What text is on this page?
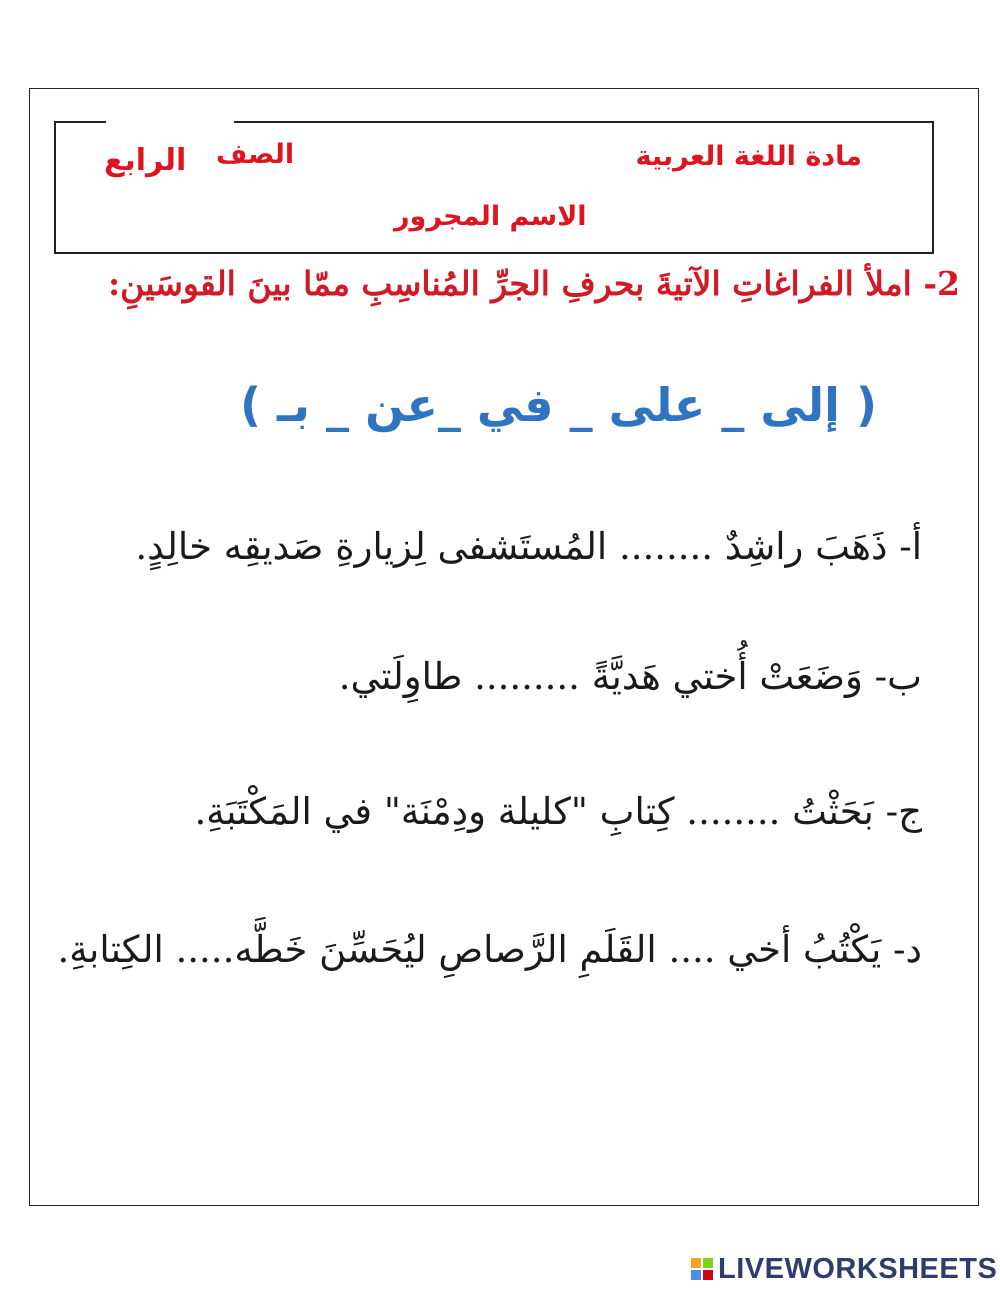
مادة اللغة العربية
الصف
الرابع
الاسم المجرور
2- املأ الفراغاتِ الآتيةَ بحرفِ الجرِّ المُناسِبِ ممّا بينَ القوسَينِ:
( إلى _ على _ في _عن _ بـ )
أ- ذَهَبَ راشِدٌ ........ المُستَشفى لِزيارةِ صَديقِه خالِدٍ.
ب- وَضَعَتْ أُختي هَديَّةً ......... طاوِلَتي.
ج- بَحَثْتُ ........ كِتابِ "كليلة ودِمْنَة" في المَكْتَبَةِ.
د- يَكْتُبُ أخي .... القَلَمِ الرَّصاصِ ليُحَسِّنَ خَطَّه..... الكِتابةِ.
LIVEWORKSHEETS
